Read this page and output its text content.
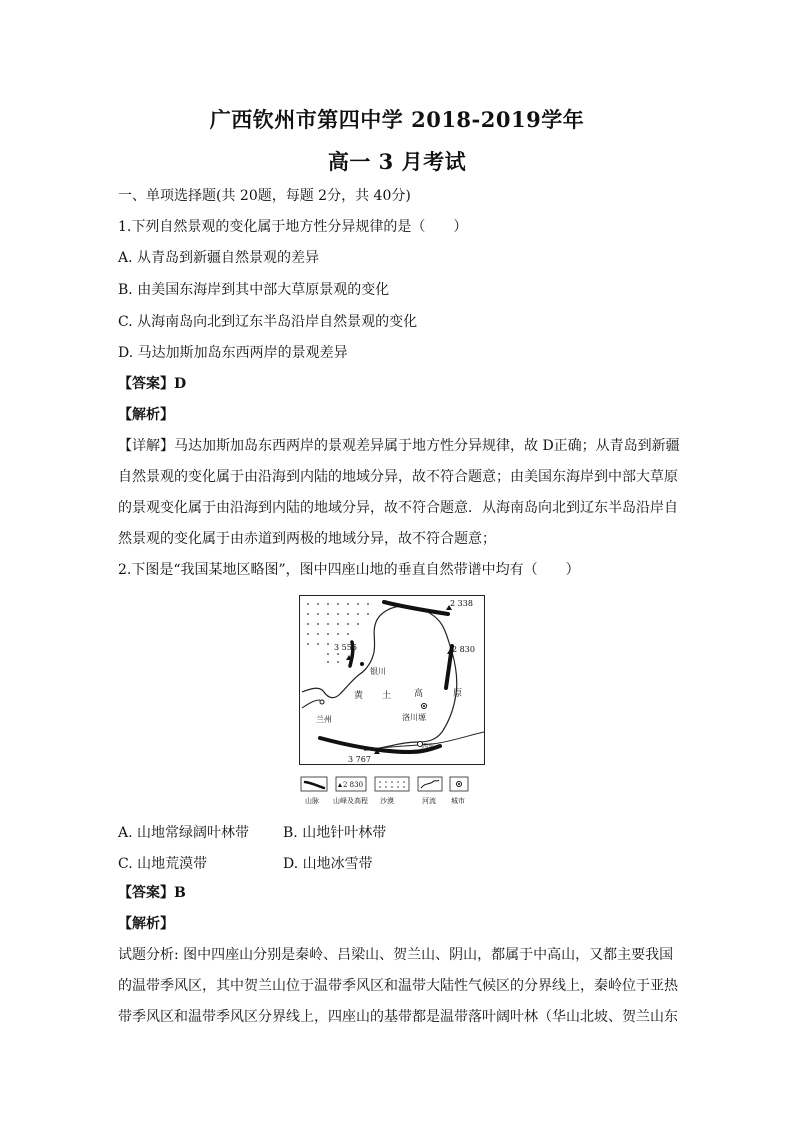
广西钦州市第四中学 2018-2019学年
高一 3 月考试
一、单项选择题(共 20题，每题 2分，共 40分)
1.下列自然景观的变化属于地方性分异规律的是（　　）
A. 从青岛到新疆自然景观的差异
B. 由美国东海岸到其中部大草原景观的变化
C. 从海南岛向北到辽东半岛沿岸自然景观的变化
D. 马达加斯加岛东西两岸的景观差异
【答案】D
【解析】
【详解】马达加斯加岛东西两岸的景观差异属于地方性分异规律，故 D正确；从青岛到新疆
自然景观的变化属于由沿海到内陆的地域分异，故不符合题意；由美国东海岸到中部大草原
的景观变化属于由沿海到内陆的地域分异，故不符合题意．从海南岛向北到辽东半岛沿岸自
然景观的变化属于由赤道到两极的地域分异，故不符合题意；
2.下图是“我国某地区略图”，图中四座山地的垂直自然带谱中均有（　　）
2 338
3 556	2 830
3 767
银川
兰州
西安
洛川塬
黄 土	高	原
2 830
山脉 山峰及高程 沙漠	河流 城市
A. 山地常绿阔叶林带 B. 山地针叶林带
C. 山地荒漠带	D. 山地冰雪带
【答案】B
【解析】
试题分析: 图中四座山分别是秦岭、吕梁山、贺兰山、阴山，都属于中高山，又都主要我国
的温带季风区，其中贺兰山位于温带季风区和温带大陆性气候区的分界线上，秦岭位于亚热
带季风区和温带季风区分界线上，四座山的基带都是温带落叶阔叶林（华山北坡、贺兰山东
